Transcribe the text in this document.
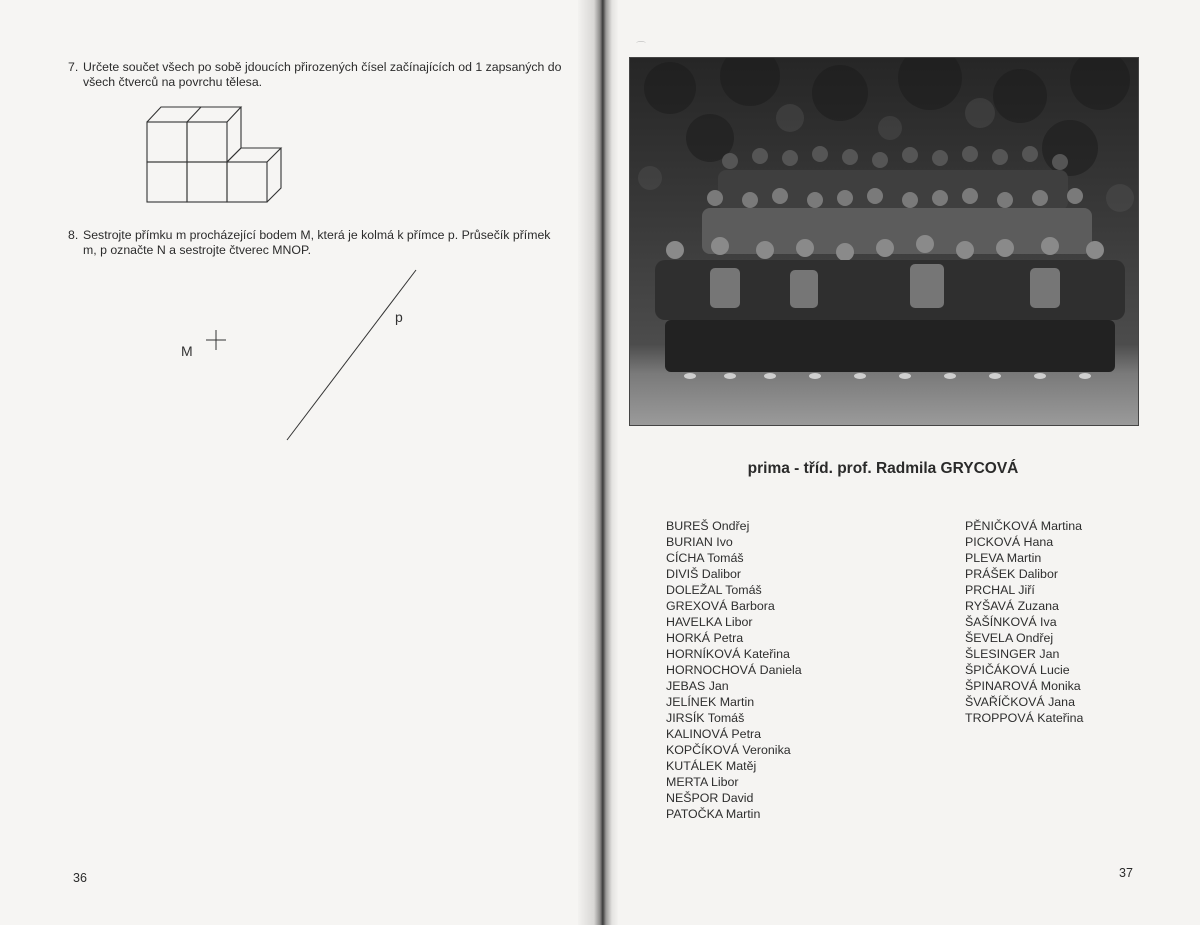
7. Určete součet všech po sobě jdoucích přirozených čísel začínajících od 1 zapsaných do
všech čtverců na povrchu tělesa.
8. Sestrojte přímku m procházející bodem M, která je kolmá k přímce p. Průsečík přímek
m, p označte N a sestrojte čtverec MNOP.
M
p
36
⌒
prima - tříd. prof. Radmila GRYCOVÁ
BUREŠ Ondřej
BURIAN Ivo
CÍCHA Tomáš
DIVIŠ Dalibor
DOLEŽAL Tomáš
GREXOVÁ Barbora
HAVELKA Libor
HORKÁ Petra
HORNÍKOVÁ Kateřina
HORNOCHOVÁ Daniela
JEBAS Jan
JELÍNEK Martin
JIRSÍK Tomáš
KALINOVÁ Petra
KOPČÍKOVÁ Veronika
KUTÁLEK Matěj
MERTA Libor
NEŠPOR David
PATOČKA Martin
PĚNIČKOVÁ Martina
PICKOVÁ Hana
PLEVA Martin
PRÁŠEK Dalibor
PRCHAL Jiří
RYŠAVÁ Zuzana
ŠAŠÍNKOVÁ Iva
ŠEVELA Ondřej
ŠLESINGER Jan
ŠPIČÁKOVÁ Lucie
ŠPINAROVÁ Monika
ŠVAŘÍČKOVÁ Jana
TROPPOVÁ Kateřina
37
